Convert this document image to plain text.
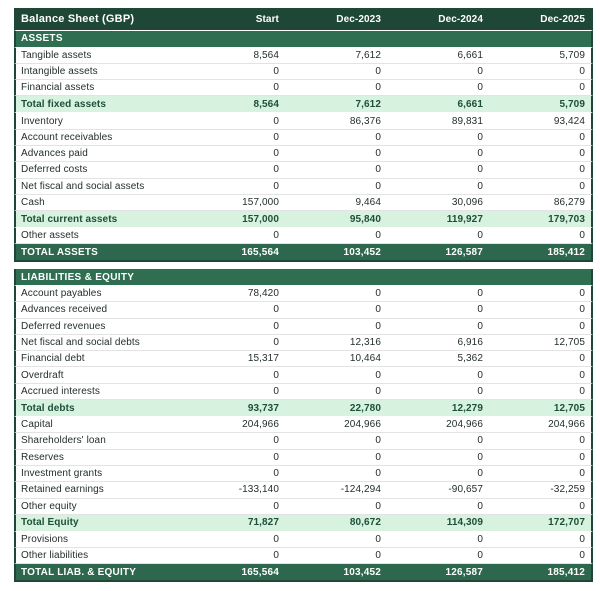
Balance Sheet (GBP)	Start	Dec-2023	Dec-2024	Dec-2025
ASSETS
Tangible assets	8,564	7,612	6,661	5,709
Intangible assets	0	0	0	0
Financial assets	0	0	0	0
Total fixed assets	8,564	7,612	6,661	5,709
Inventory	0	86,376	89,831	93,424
Account receivables	0	0	0	0
Advances paid	0	0	0	0
Deferred costs	0	0	0	0
Net fiscal and social assets	0	0	0	0
Cash	157,000	9,464	30,096	86,279
Total current assets	157,000	95,840	119,927	179,703
Other assets	0	0	0	0
TOTAL ASSETS	165,564	103,452	126,587	185,412
LIABILITIES & EQUITY
Account payables	78,420	0	0	0
Advances received	0	0	0	0
Deferred revenues	0	0	0	0
Net fiscal and social debts	0	12,316	6,916	12,705
Financial debt	15,317	10,464	5,362	0
Overdraft	0	0	0	0
Accrued interests	0	0	0	0
Total debts	93,737	22,780	12,279	12,705
Capital	204,966	204,966	204,966	204,966
Shareholders' loan	0	0	0	0
Reserves	0	0	0	0
Investment grants	0	0	0	0
Retained earnings	-133,140	-124,294	-90,657	-32,259
Other equity	0	0	0	0
Total Equity	71,827	80,672	114,309	172,707
Provisions	0	0	0	0
Other liabilities	0	0	0	0
TOTAL LIAB. & EQUITY	165,564	103,452	126,587	185,412
